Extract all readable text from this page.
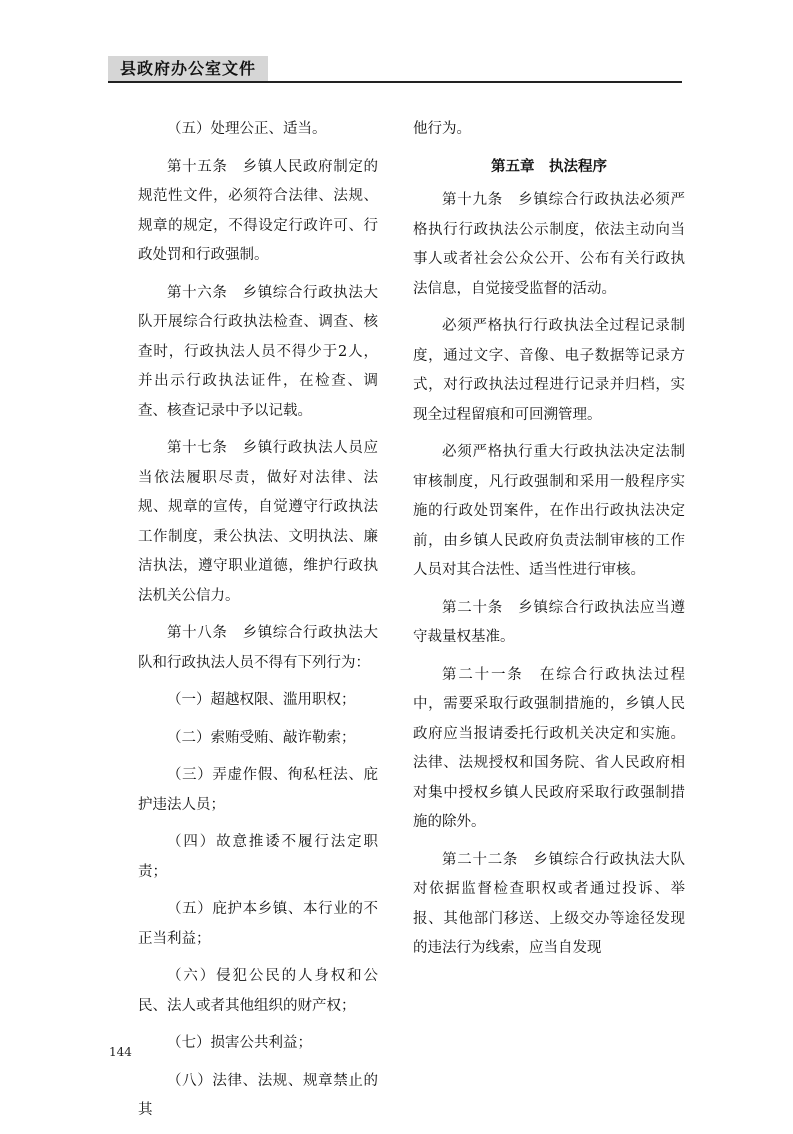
县政府办公室文件

（五）处理公正、适当。

第十五条　乡镇人民政府制定的规范性文件，必须符合法律、法规、规章的规定，不得设定行政许可、行政处罚和行政强制。

第十六条　乡镇综合行政执法大队开展综合行政执法检查、调查、核查时，行政执法人员不得少于2人，并出示行政执法证件，在检查、调查、核查记录中予以记载。

第十七条　乡镇行政执法人员应当依法履职尽责，做好对法律、法规、规章的宣传，自觉遵守行政执法工作制度，秉公执法、文明执法、廉洁执法，遵守职业道德，维护行政执法机关公信力。

第十八条　乡镇综合行政执法大队和行政执法人员不得有下列行为：

（一）超越权限、滥用职权；

（二）索贿受贿、敲诈勒索；

（三）弄虚作假、徇私枉法、庇护违法人员；

（四）故意推诿不履行法定职责；

（五）庇护本乡镇、本行业的不正当利益；

（六）侵犯公民的人身权和公民、法人或者其他组织的财产权；

（七）损害公共利益；

（八）法律、法规、规章禁止的其

他行为。

第五章　执法程序

第十九条　乡镇综合行政执法必须严格执行行政执法公示制度，依法主动向当事人或者社会公众公开、公布有关行政执法信息，自觉接受监督的活动。

必须严格执行行政执法全过程记录制度，通过文字、音像、电子数据等记录方式，对行政执法过程进行记录并归档，实现全过程留痕和可回溯管理。

必须严格执行重大行政执法决定法制审核制度，凡行政强制和采用一般程序实施的行政处罚案件，在作出行政执法决定前，由乡镇人民政府负责法制审核的工作人员对其合法性、适当性进行审核。

第二十条　乡镇综合行政执法应当遵守裁量权基准。

第二十一条　在综合行政执法过程中，需要采取行政强制措施的，乡镇人民政府应当报请委托行政机关决定和实施。法律、法规授权和国务院、省人民政府相对集中授权乡镇人民政府采取行政强制措施的除外。

第二十二条　乡镇综合行政执法大队对依据监督检查职权或者通过投诉、举报、其他部门移送、上级交办等途径发现的违法行为线索，应当自发现

144
